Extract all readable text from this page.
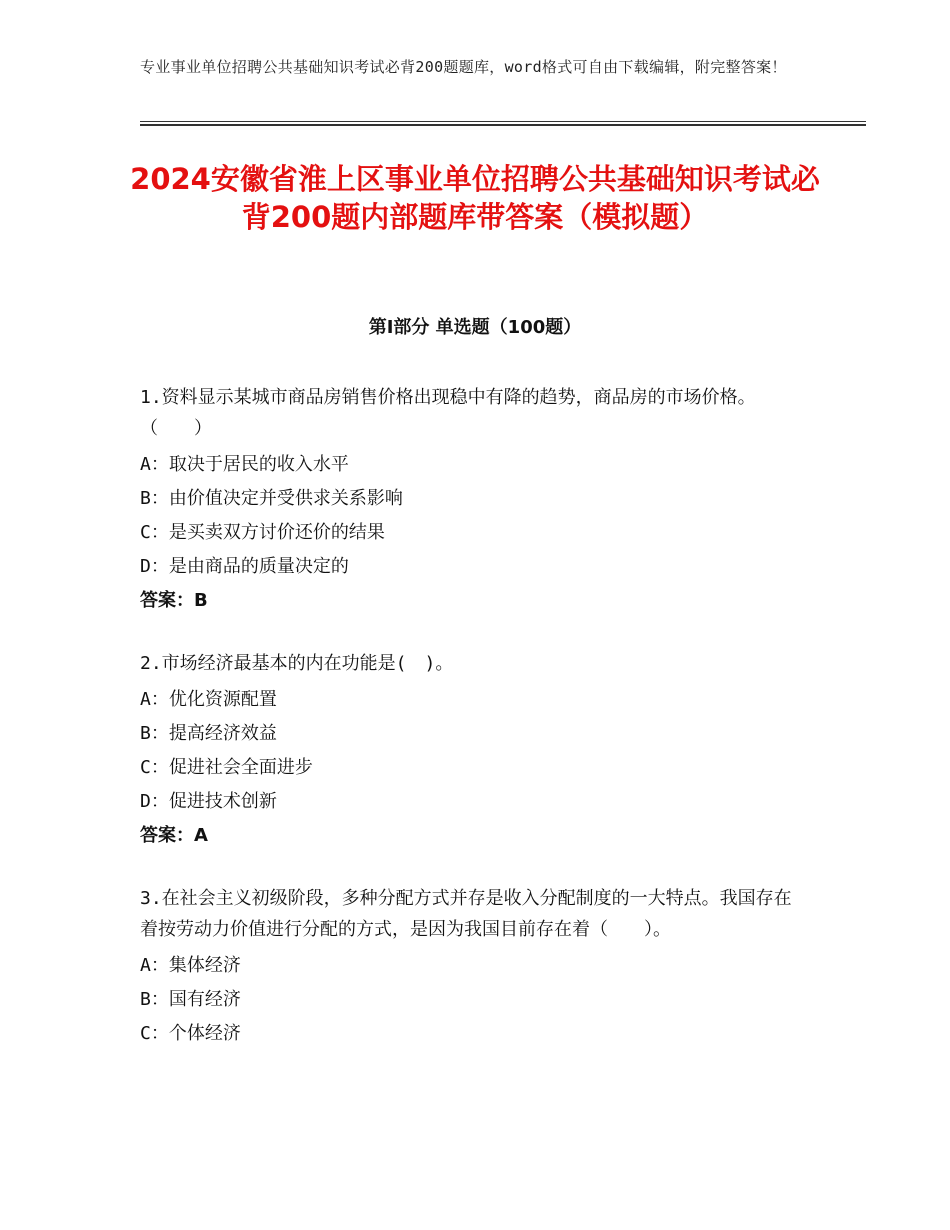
专业事业单位招聘公共基础知识考试必背200题题库，word格式可自由下载编辑，附完整答案！
2024安徽省淮上区事业单位招聘公共基础知识考试必背200题内部题库带答案（模拟题）
第Ⅰ部分 单选题（100题）
1.资料显示某城市商品房销售价格出现稳中有降的趋势，商品房的市场价格。（　　）
A：取决于居民的收入水平
B：由价值决定并受供求关系影响
C：是买卖双方讨价还价的结果
D：是由商品的质量决定的
答案：B
2.市场经济最基本的内在功能是(　)。
A：优化资源配置
B：提高经济效益
C：促进社会全面进步
D：促进技术创新
答案：A
3.在社会主义初级阶段，多种分配方式并存是收入分配制度的一大特点。我国存在着按劳动力价值进行分配的方式，是因为我国目前存在着（　　）。
A：集体经济
B：国有经济
C：个体经济
